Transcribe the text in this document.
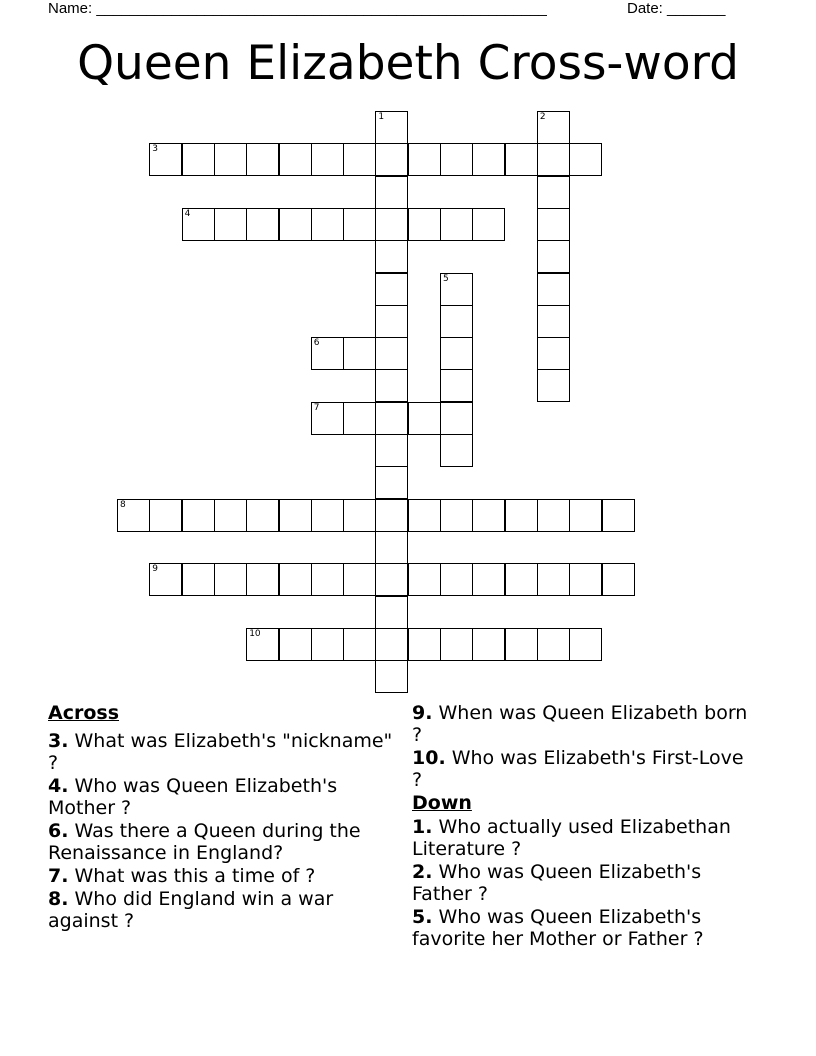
Name: ______________________________________________________	Date: _______
Queen Elizabeth Cross-word
3
4
6
7
8
9
10
1	2
5
Across
3. What was Elizabeth's "nickname" ?
4. Who was Queen Elizabeth's Mother ?
6. Was there a Queen during the Renaissance in England?
7. What was this a time of ?
8. Who did England win a war against ?
9. When was Queen Elizabeth born ?
10. Who was Elizabeth's First-Love ?
Down
1. Who actually used Elizabethan Literature ?
2. Who was Queen Elizabeth's Father ?
5. Who was Queen Elizabeth's favorite her Mother or Father ?
